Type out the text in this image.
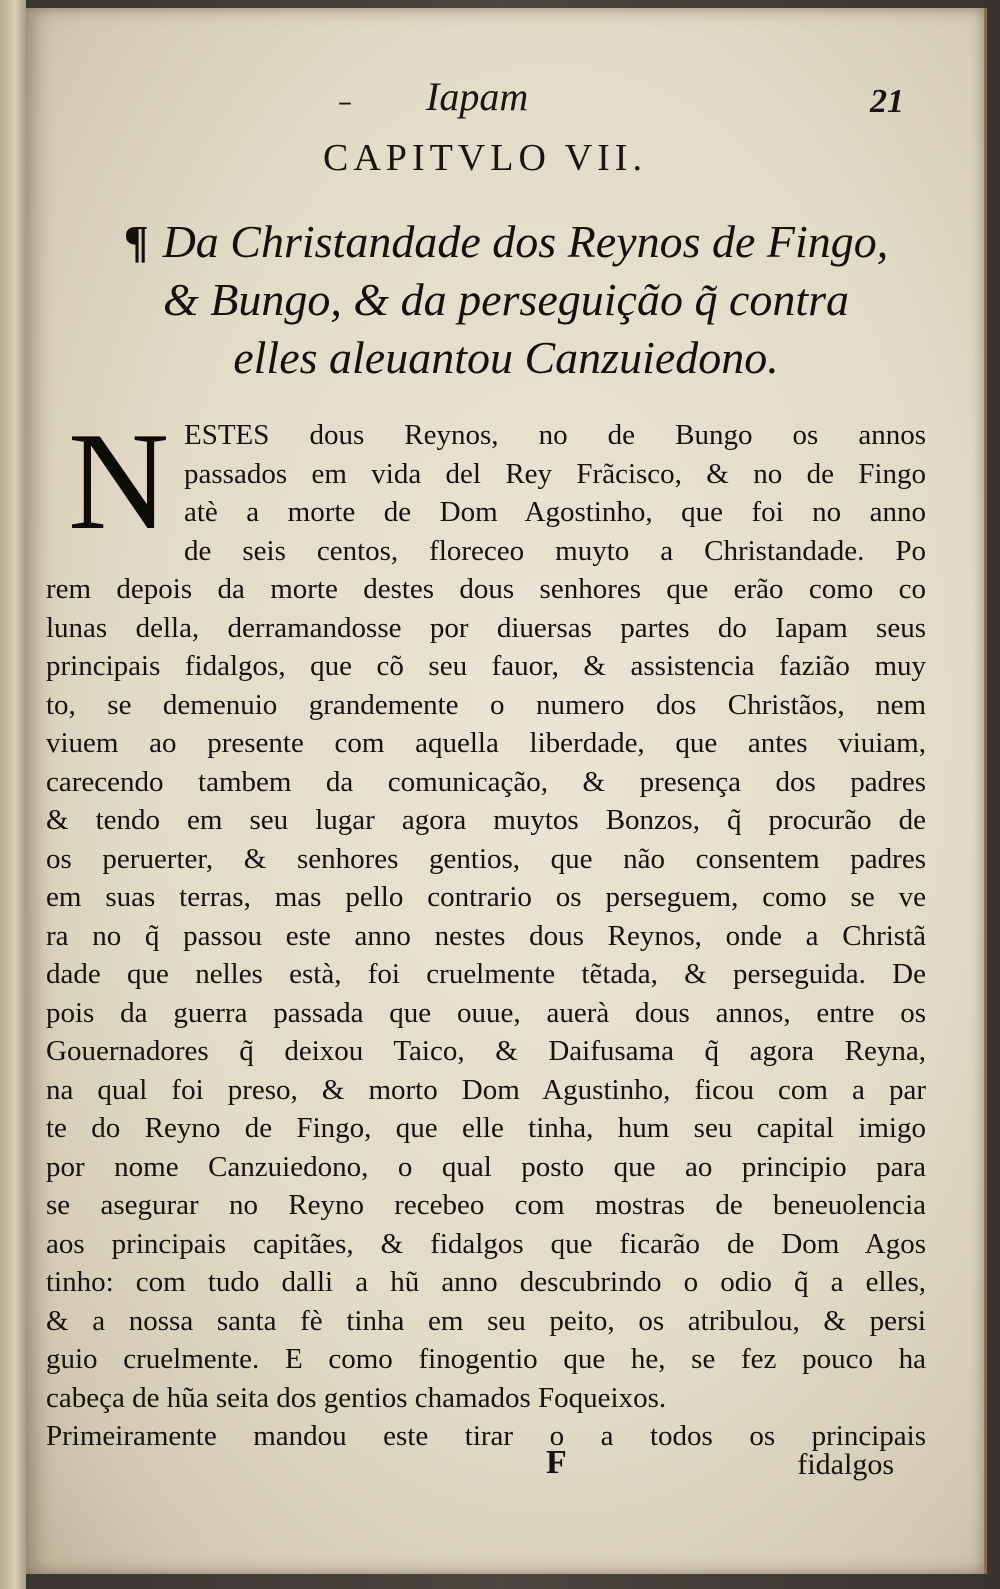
– Iapam	21
CAPITVLO VII.
¶ Da Christandade dos Reynos de Fingo,
& Bungo, & da perseguição q̃ contra
elles aleuantou Canzuiedono.
N ESTES dous Reynos, no de Bungo os annos
passados em vida del Rey Frãcisco, & no de Fingo
atè a morte de Dom Agostinho, que foi no anno
de seis centos, floreceo muyto a Christandade. Po
rem depois da morte destes dous senhores que erão como co
lunas della, derramandosse por diuersas partes do Iapam seus
principais fidalgos, que cõ seu fauor, & assistencia fazião muy
to, se demenuio grandemente o numero dos Christãos, nem
viuem ao presente com aquella liberdade, que antes viuiam,
carecendo tambem da comunicação, & presença dos padres
& tendo em seu lugar agora muytos Bonzos, q̃ procurão de
os peruerter, & senhores gentios, que não consentem padres
em suas terras, mas pello contrario os perseguem, como se ve
ra no q̃ passou este anno nestes dous Reynos, onde a Christã
dade que nelles està, foi cruelmente tẽtada, & perseguida. De
pois da guerra passada que ouue, auerà dous annos, entre os
Gouernadores q̃ deixou Taico, & Daifusama q̃ agora Reyna,
na qual foi preso, & morto Dom Agustinho, ficou com a par
te do Reyno de Fingo, que elle tinha, hum seu capital imigo
por nome Canzuiedono, o qual posto que ao principio para
se asegurar no Reyno recebeo com mostras de beneuolencia
aos principais capitães, & fidalgos que ficarão de Dom Agos
tinho: com tudo dalli a hũ anno descubrindo o odio q̃ a elles,
& a nossa santa fè tinha em seu peito, os atribulou, & persi
guio cruelmente. E como finogentio que he, se fez pouco ha
cabeça de hũa seita dos gentios chamados Foqueixos.
Primeiramente mandou este tirar o a todos os principais
F	fidalgos
